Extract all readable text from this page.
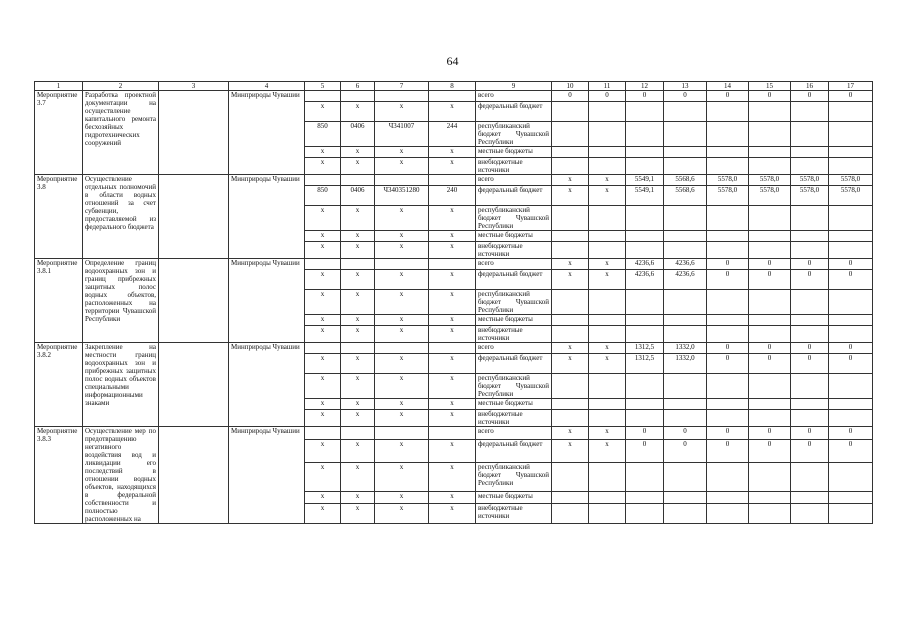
64
1	2	3	4	5	6	7	8	9	10	11	12	13	14	15	16	17
Мероприятие 3.7	Разработка проектной документации на осуществление капитального ремонта бесхозяйных гидротехнических сооружений		Минприроды Чувашии					всего	0	0	0	0	0	0	0	0
				х	х	х	х	федеральный бюджет								
				850	0406	Ч341007	244	республиканский бюджет Чувашской Республики								
				х	х	х	х	местные бюджеты								
				х	х	х	х	внебюджетные источники								
Мероприятие 3.8	Осуществление отдельных полномочий в области водных отношений за счет субвенции, предоставляемой из федерального бюджета		Минприроды Чувашии					всего	х	х	5549,1	5568,6	5578,0	5578,0	5578,0	5578,0
				850	0406	Ч340351280	240	федеральный бюджет	х	х	5549,1	5568,6	5578,0	5578,0	5578,0	5578,0
				х	х	х	х	республиканский бюджет Чувашской Республики								
				х	х	х	х	местные бюджеты								
				х	х	х	х	внебюджетные источники								
Мероприятие 3.8.1	Определение границ водоохранных зон и границ прибрежных защитных полос водных объектов, расположенных на территории Чувашской Республики		Минприроды Чувашии					всего	х	х	4236,6	4236,6	0	0	0	0
				х	х	х	х	федеральный бюджет	х	х	4236,6	4236,6	0	0	0	0
				х	х	х	х	республиканский бюджет Чувашской Республики								
				х	х	х	х	местные бюджеты								
				х	х	х	х	внебюджетные источники								
Мероприятие 3.8.2	Закрепление на местности границ водоохранных зон и прибрежных защитных полос водных объектов специальными информационными знаками		Минприроды Чувашии					всего	х	х	1312,5	1332,0	0	0	0	0
				х	х	х	х	федеральный бюджет	х	х	1312,5	1332,0	0	0	0	0
				х	х	х	х	республиканский бюджет Чувашской Республики								
				х	х	х	х	местные бюджеты								
				х	х	х	х	внебюджетные источники								
Мероприятие 3.8.3	Осуществление мер по предотвращению негативного воздействия вод и ликвидации его последствий в отношении водных объектов, находящихся в федеральной собственности и полностью расположенных на		Минприроды Чувашии					всего	х	х	0	0	0	0	0	0
				х	х	х	х	федеральный бюджет	х	х	0	0	0	0	0	0
				х	х	х	х	республиканский бюджет Чувашской Республики								
				х	х	х	х	местные бюджеты								
				х	х	х	х	внебюджетные источники								
